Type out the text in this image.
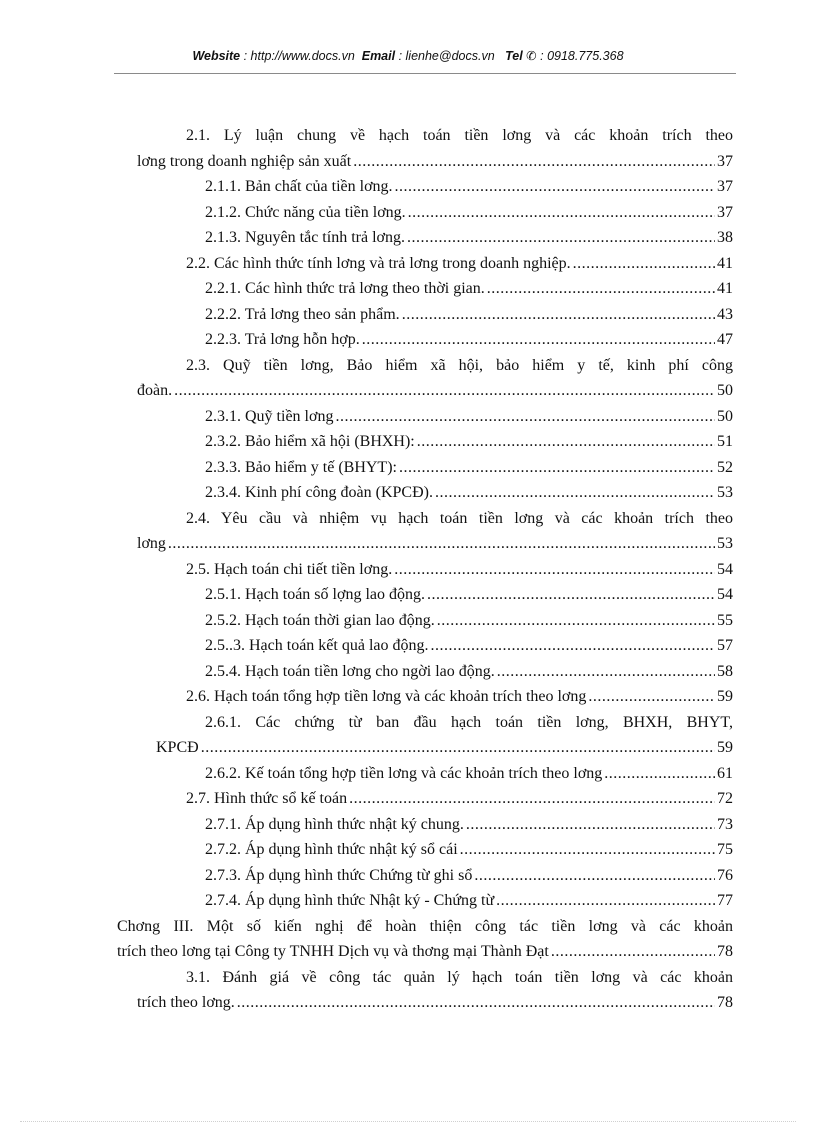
Website : http://www.docs.vn Email : lienhe@docs.vn Tel ✆ : 0918.775.368
2.1. Lý luận chung về hạch toán tiền lơng và các khoản trích theo
lơng trong doanh nghiệp sản xuất .....	37
2.1.1. Bản chất của tiền lơng. .....	37
2.1.2. Chức năng của tiền lơng. .....	37
2.1.3. Nguyên tắc tính trả lơng. .....	38
2.2. Các hình thức tính lơng và trả lơng trong doanh nghiệp. .....	41
2.2.1. Các hình thức trả lơng theo thời gian. .....	41
2.2.2. Trả lơng theo sản phẩm. .....	43
2.2.3. Trả lơng hỗn hợp. .....	47
2.3. Quỹ tiền lơng, Bảo hiểm xã hội, bảo hiểm y tế, kinh phí công
đoàn. .....	50
2.3.1. Quỹ tiền lơng .....	50
2.3.2. Bảo hiểm xã hội (BHXH): .....	51
2.3.3. Bảo hiểm y tế (BHYT): .....	52
2.3.4. Kinh phí công đoàn (KPCĐ). .....	53
2.4. Yêu cầu và nhiệm vụ hạch toán tiền lơng và các khoản trích theo
lơng .....	53
2.5. Hạch toán chi tiết tiền lơng. .....	54
2.5.1. Hạch toán số lợng lao động. .....	54
2.5.2. Hạch toán thời gian lao động. .....	55
2.5..3. Hạch toán kết quả lao động. .....	57
2.5.4. Hạch toán tiền lơng cho ngời lao động. .....	58
2.6. Hạch toán tổng hợp tiền lơng và các khoản trích theo lơng .....	59
2.6.1. Các chứng từ ban đầu hạch toán tiền lơng, BHXH, BHYT,
KPCĐ .....	59
2.6.2. Kế toán tổng hợp tiền lơng và các khoản trích theo lơng .....	61
2.7. Hình thức sổ kế toán .....	72
2.7.1. Áp dụng hình thức nhật ký chung. .....	73
2.7.2. Áp dụng hình thức nhật ký sổ cái .....	75
2.7.3. Áp dụng hình thức Chứng từ ghi sổ .....	76
2.7.4. Áp dụng hình thức Nhật ký - Chứng từ .....	77
Chơng III. Một số kiến nghị để hoàn thiện công tác tiền lơng và các khoản
trích theo lơng tại Công ty TNHH Dịch vụ và thơng mại Thành Đạt .....	78
3.1. Đánh giá về công tác quản lý hạch toán tiền lơng và các khoản
trích theo lơng. .....	78
